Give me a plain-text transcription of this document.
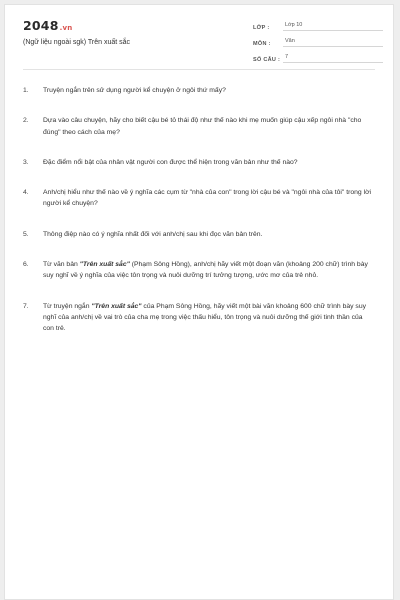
2048.vn
(Ngữ liệu ngoài sgk) Trên xuất sắc
LỚP :	Lớp 10
MÔN :	Văn
SỐ CÂU : 7
1.	Truyện ngắn trên sử dụng người kể chuyện ở ngôi thứ mấy?
2.	Dựa vào câu chuyện, hãy cho biết cậu bé tỏ thái độ như thế nào khi mẹ muốn giúp cậu xếp ngôi nhà "cho đúng" theo cách của mẹ?
3.	Đặc điểm nổi bật của nhân vật người con được thể hiện trong văn bản như thế nào?
4.	Anh/chị hiểu như thế nào về ý nghĩa các cụm từ "nhà của con" trong lời cậu bé và "ngôi nhà của tôi" trong lời người kể chuyện?
5.	Thông điệp nào có ý nghĩa nhất đối với anh/chị sau khi đọc văn bản trên.
6.	Từ văn bản "Trên xuất sắc" (Phạm Sông Hồng), anh/chị hãy viết một đoạn văn (khoảng 200 chữ) trình bày suy nghĩ về ý nghĩa của việc tôn trọng và nuôi dưỡng trí tưởng tượng, ước mơ của trẻ nhỏ.
7.	Từ truyện ngắn "Trên xuất sắc" của Phạm Sông Hồng, hãy viết một bài văn khoảng 600 chữ trình bày suy nghĩ của anh/chị về vai trò của cha mẹ trong việc thấu hiểu, tôn trọng và nuôi dưỡng thế giới tinh thần của con trẻ.
